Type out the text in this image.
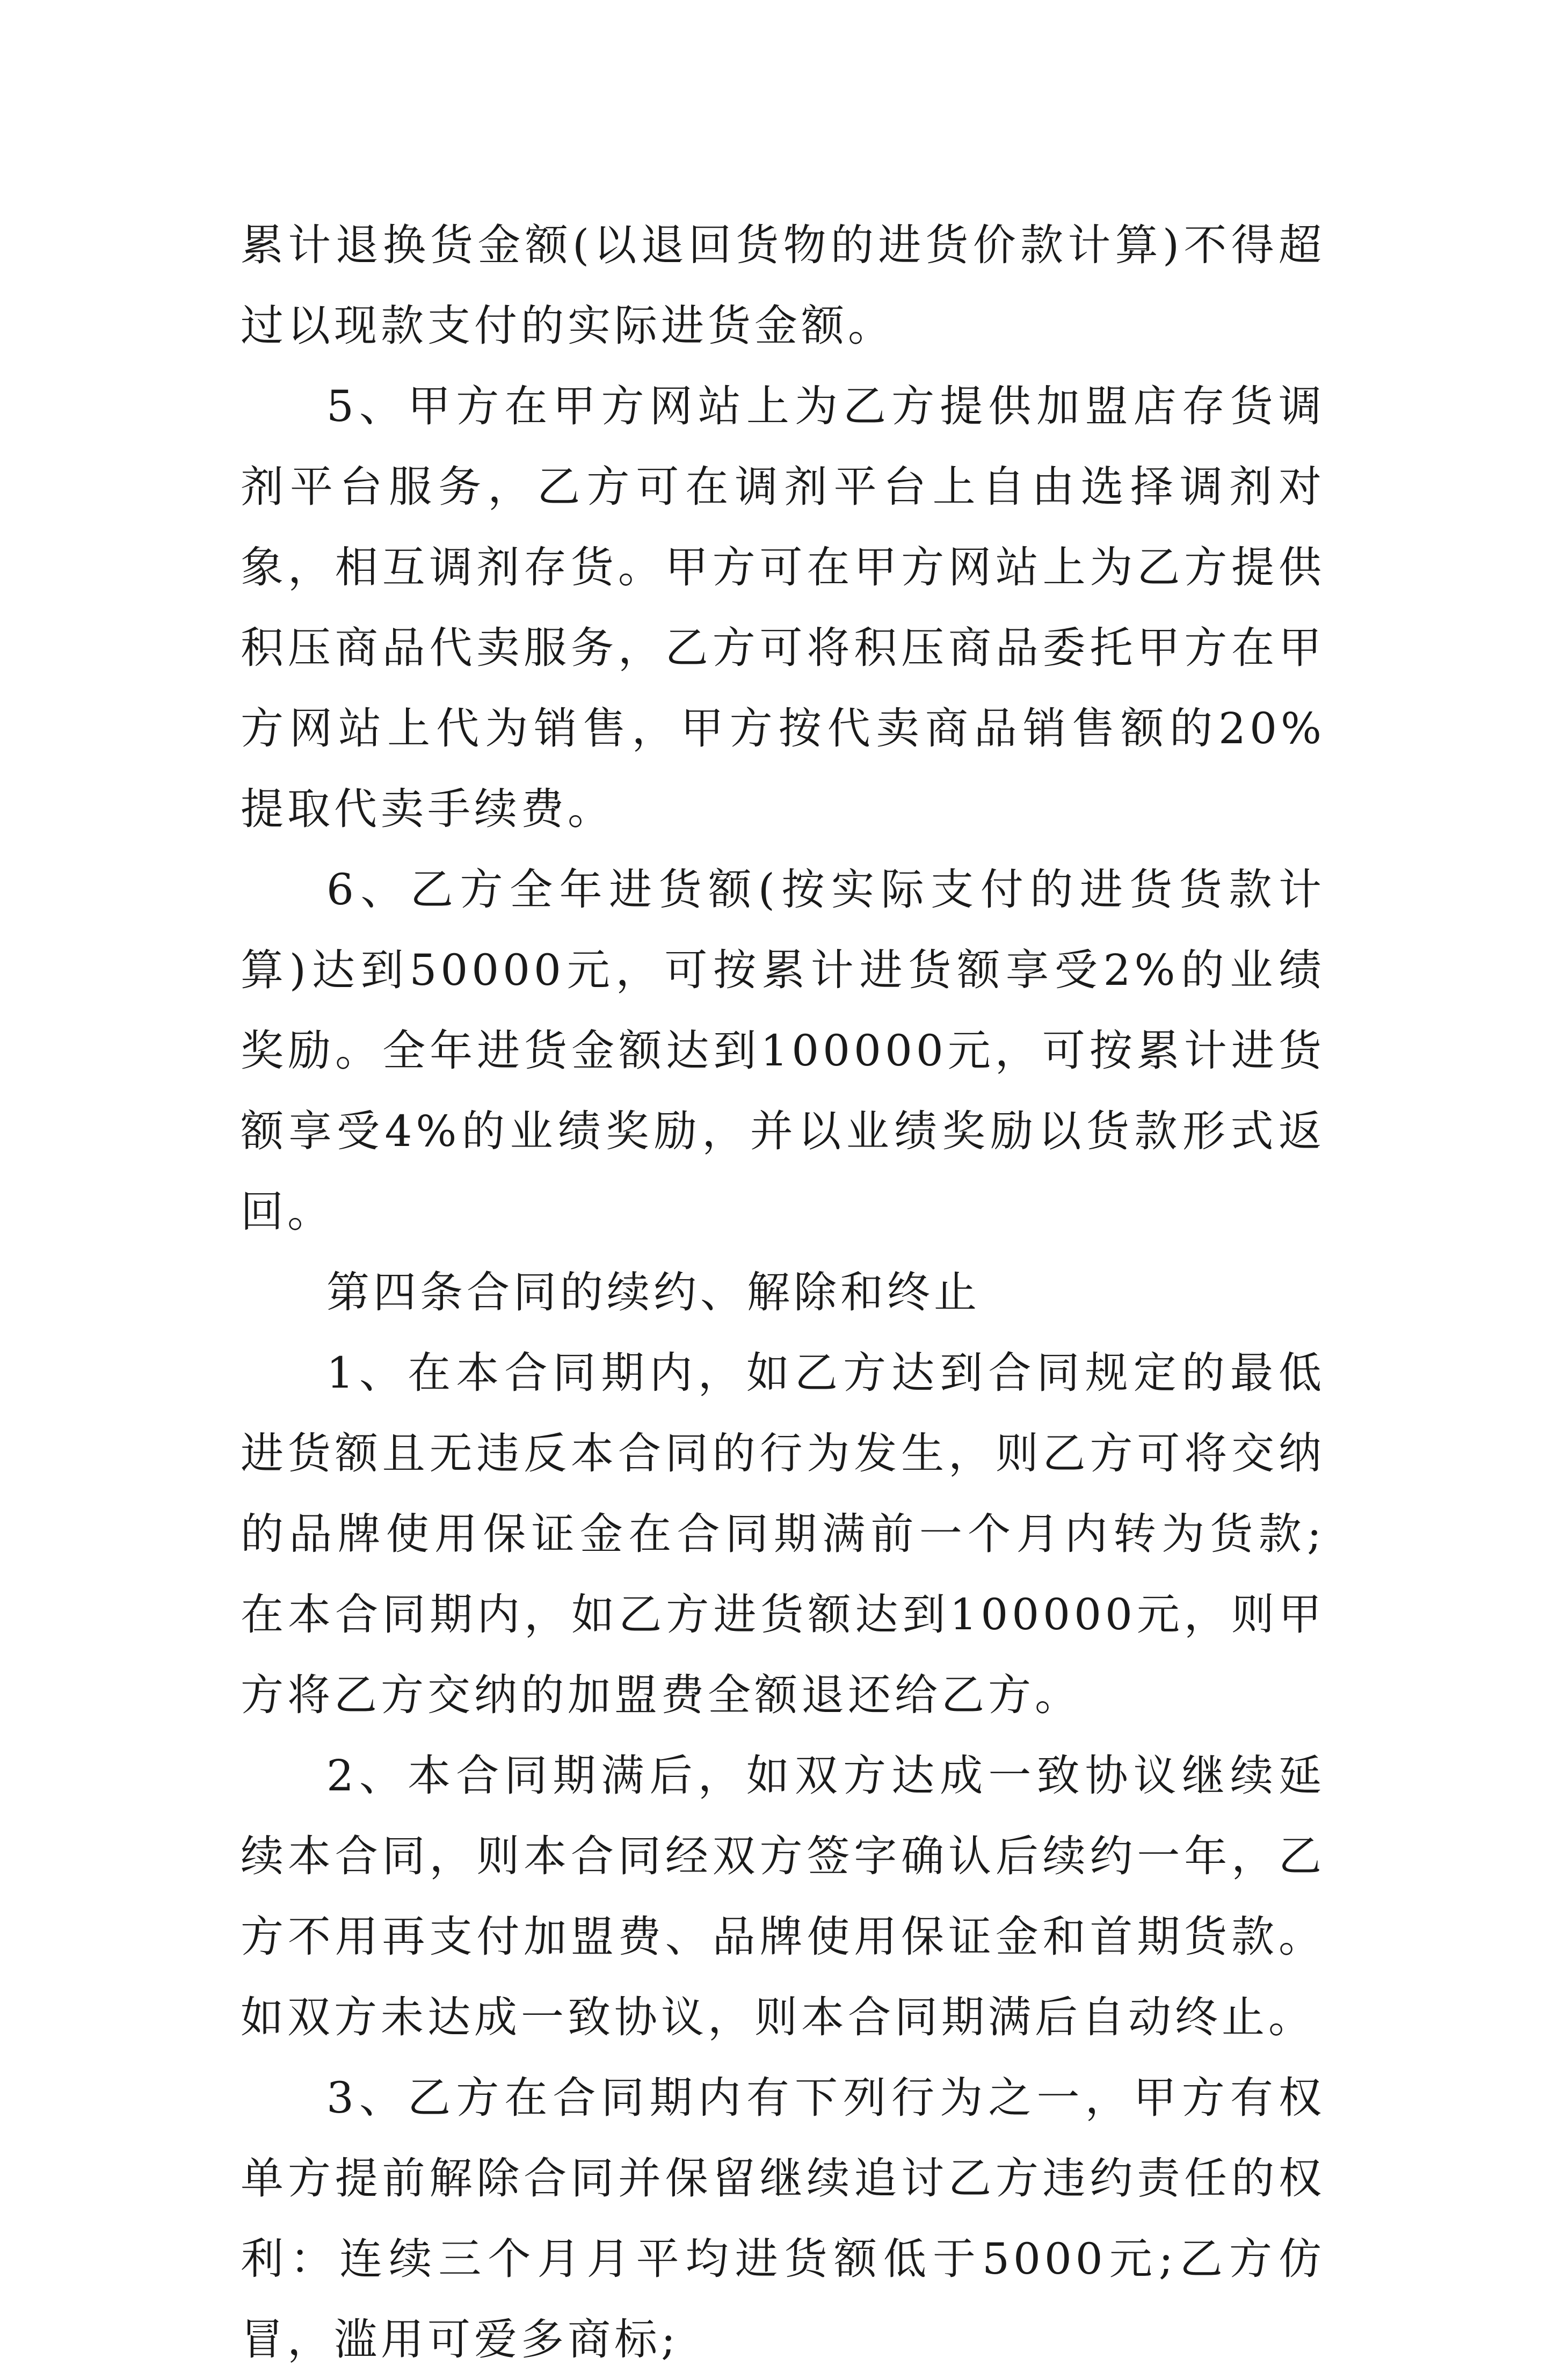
累计退换货金额(以退回货物的进货价款计算)不得超过以现款支付的实际进货金额。

5、甲方在甲方网站上为乙方提供加盟店存货调剂平台服务，乙方可在调剂平台上自由选择调剂对象，相互调剂存货。甲方可在甲方网站上为乙方提供积压商品代卖服务，乙方可将积压商品委托甲方在甲方网站上代为销售，甲方按代卖商品销售额的20%提取代卖手续费。

6、乙方全年进货额(按实际支付的进货货款计算)达到50000元，可按累计进货额享受2%的业绩奖励。全年进货金额达到100000元，可按累计进货额享受4%的业绩奖励，并以业绩奖励以货款形式返回。

第四条合同的续约、解除和终止

1、在本合同期内，如乙方达到合同规定的最低进货额且无违反本合同的行为发生，则乙方可将交纳的品牌使用保证金在合同期满前一个月内转为货款;在本合同期内，如乙方进货额达到100000元，则甲方将乙方交纳的加盟费全额退还给乙方。

2、本合同期满后，如双方达成一致协议继续延续本合同，则本合同经双方签字确认后续约一年，乙方不用再支付加盟费、品牌使用保证金和首期货款。如双方未达成一致协议，则本合同期满后自动终止。

3、乙方在合同期内有下列行为之一，甲方有权单方提前解除合同并保留继续追讨乙方违约责任的权利：连续三个月月平均进货额低于5000元;乙方仿冒，滥用可爱多商标;
